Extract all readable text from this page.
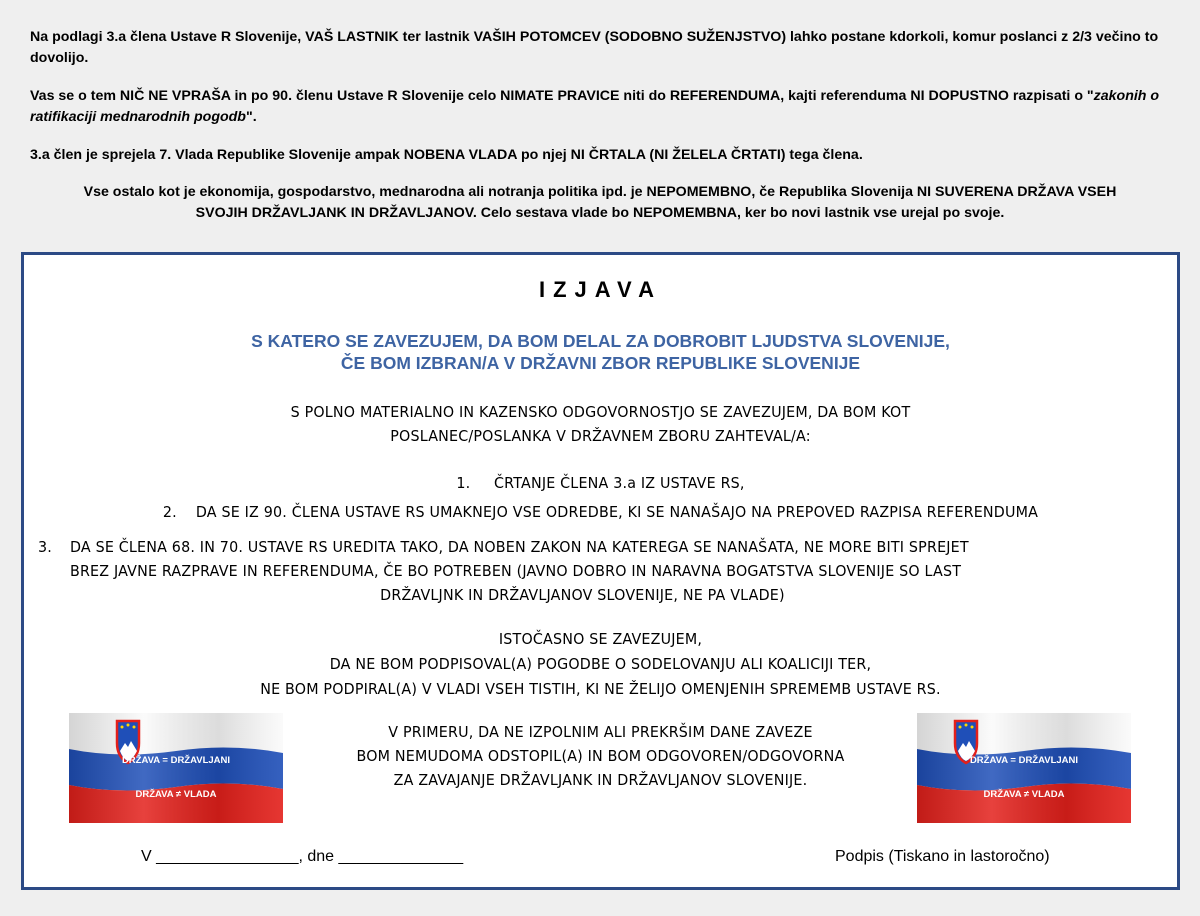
Na podlagi 3.a člena Ustave R Slovenije, VAŠ LASTNIK ter lastnik VAŠIH POTOMCEV (SODOBNO SUŽENJSTVO) lahko postane kdorkoli, komur poslanci z 2/3 večino to dovolijo.

Vas se o tem NIČ NE VPRAŠA in po 90. členu Ustave R Slovenije celo NIMATE PRAVICE niti do REFERENDUMA, kajti referenduma NI DOPUSTNO razpisati o "zakonih o ratifikaciji mednarodnih pogodb".

3.a člen je sprejela 7. Vlada Republike Slovenije ampak NOBENA VLADA po njej NI ČRTALA (NI ŽELELA ČRTATI) tega člena.

Vse ostalo kot je ekonomija, gospodarstvo, mednarodna ali notranja politika ipd. je NEPOMEMBNO, če Republika Slovenija NI SUVERENA DRŽAVA VSEH
SVOJIH DRŽAVLJANK IN DRŽAVLJANOV. Celo sestava vlade bo NEPOMEMBNA, ker bo novi lastnik vse urejal po svoje.

IZJAVA
S KATERO SE ZAVEZUJEM, DA BOM DELAL ZA DOBROBIT LJUDSTVA SLOVENIJE,
ČE BOM IZBRAN/A V DRŽAVNI ZBOR REPUBLIKE SLOVENIJE
S POLNO MATERIALNO IN KAZENSKO ODGOVORNOSTJO SE ZAVEZUJEM, DA BOM KOT
POSLANEC/POSLANKA V DRŽAVNEM ZBORU ZAHTEVAL/A:
1. ČRTANJE ČLENA 3.a IZ USTAVE RS,
2. DA SE IZ 90. ČLENA USTAVE RS UMAKNEJO VSE ODREDBE, KI SE NANAŠAJO NA PREPOVED RAZPISA REFERENDUMA
3. DA SE ČLENA 68. IN 70. USTAVE RS UREDITA TAKO, DA NOBEN ZAKON NA KATEREGA SE NANAŠATA, NE MORE BITI SPREJET
BREZ JAVNE RAZPRAVE IN REFERENDUMA, ČE BO POTREBEN (JAVNO DOBRO IN NARAVNA BOGATSTVA SLOVENIJE SO LAST
DRŽAVLJNK IN DRŽAVLJANOV SLOVENIJE, NE PA VLADE)
ISTOČASNO SE ZAVEZUJEM,
DA NE BOM PODPISOVAL(A) POGODBE O SODELOVANJU ALI KOALICIJI TER,
NE BOM PODPIRAL(A) V VLADI VSEH TISTIH, KI NE ŽELIJO OMENJENIH SPREMEMB USTAVE RS.
V PRIMERU, DA NE IZPOLNIM ALI PREKRŠIM DANE ZAVEZE
BOM NEMUDOMA ODSTOPIL(A) IN BOM ODGOVOREN/ODGOVORNA
ZA ZAVAJANJE DRŽAVLJANK IN DRŽAVLJANOV SLOVENIJE.
DRŽAVA = DRŽAVLJANI
DRŽAVA ≠ VLADA
DRŽAVA = DRŽAVLJANI
DRŽAVA ≠ VLADA
V ________________, dne ______________	Podpis (Tiskano in lastoročno)
